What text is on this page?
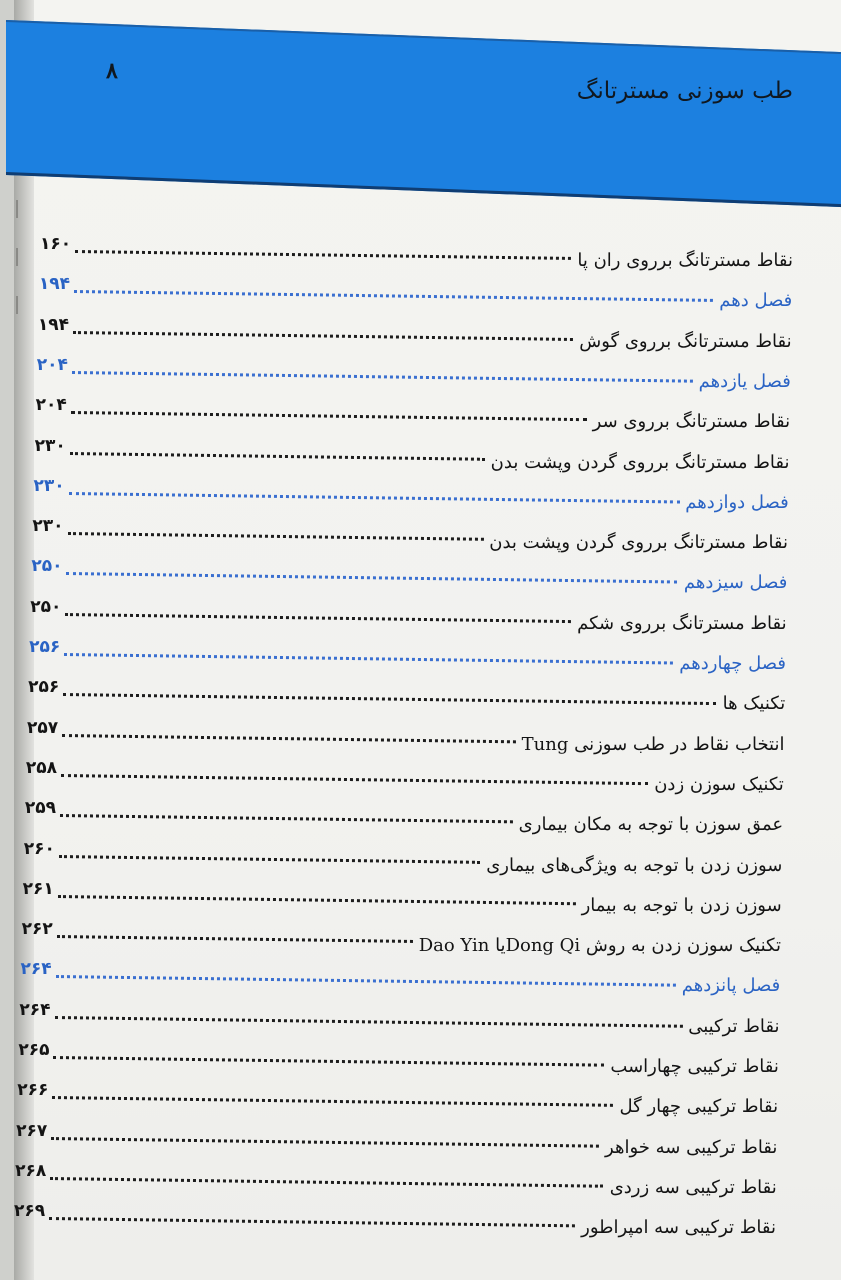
طب سوزنی مسترتانگ
۸
نقاط مسترتانگ برروی ران پا
۱۶۰
فصل دهم
۱۹۴
نقاط مسترتانگ برروی گوش
۱۹۴
فصل یازدهم
۲۰۴
نقاط مسترتانگ برروی سر
۲۰۴
نقاط مسترتانگ برروی گردن وپشت بدن
۲۳۰
فصل دوازدهم
۲۳۰
نقاط مسترتانگ برروی گردن وپشت بدن
۲۳۰
فصل سیزدهم
۲۵۰
نقاط مسترتانگ برروی شکم
۲۵۰
فصل چهاردهم
۲۵۶
تکنیک ها
۲۵۶
انتخاب نقاط در طب سوزنی Tung
۲۵۷
تکنیک سوزن زدن
۲۵۸
عمق سوزن با توجه به مکان بیماری
۲۵۹
سوزن زدن با توجه به ویژگی‌های بیماری
۲۶۰
سوزن زدن با توجه به بیمار
۲۶۱
تکنیک سوزن زدن به روش Dong Qiیا Dao Yin
۲۶۲
فصل پانزدهم
۲۶۴
نقاط ترکیبی
۲۶۴
نقاط ترکیبی چهاراسب
۲۶۵
نقاط ترکیبی چهار گل
۲۶۶
نقاط ترکیبی سه خواهر
۲۶۷
نقاط ترکیبی سه زردی
۲۶۸
نقاط ترکیبی سه امپراطور
۲۶۹
